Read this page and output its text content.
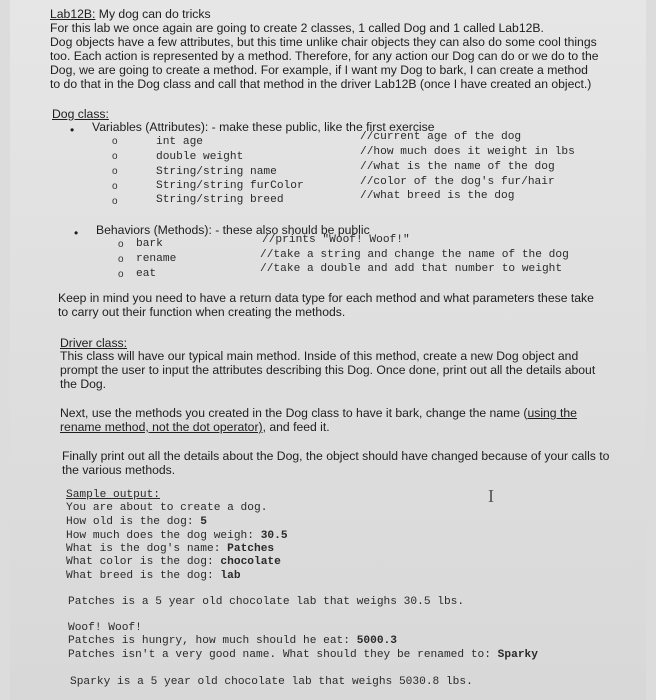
Lab12B: My dog can do tricks
For this lab we once again are going to create 2 classes, 1 called Dog and 1 called Lab12B.
Dog objects have a few attributes, but this time unlike chair objects they can also do some cool things
too. Each action is represented by a method. Therefore, for any action our Dog can do or we do to the
Dog, we are going to create a method. For example, if I want my Dog to bark, I can create a method
to do that in the Dog class and call that method in the driver Lab12B (once I have created an object.)
Dog class:
• Variables (Attributes): - make these public, like the first exercise
o	int age	//current age of the dog
o	double weight	//how much does it weight in lbs
o	String/string name	//what is the name of the dog
o	String/string furColor	//color of the dog's fur/hair
o	String/string breed	//what breed is the dog
• Behaviors (Methods): - these also should be public
o bark	//prints "Woof! Woof!"
o rename	//take a string and change the name of the dog
o eat	//take a double and add that number to weight
Keep in mind you need to have a return data type for each method and what parameters these take
to carry out their function when creating the methods.
Driver class:
This class will have our typical main method. Inside of this method, create a new Dog object and
prompt the user to input the attributes describing this Dog. Once done, print out all the details about
the Dog.
Next, use the methods you created in the Dog class to have it bark, change the name (using the
rename method, not the dot operator), and feed it.
Finally print out all the details about the Dog, the object should have changed because of your calls to
the various methods.
Sample output:	I
You are about to create a dog.
How old is the dog: 5
How much does the dog weigh: 30.5
What is the dog's name: Patches
What color is the dog: chocolate
What breed is the dog: lab
Patches is a 5 year old chocolate lab that weighs 30.5 lbs.
Woof! Woof!
Patches is hungry, how much should he eat: 5000.3
Patches isn't a very good name. What should they be renamed to: Sparky
Sparky is a 5 year old chocolate lab that weighs 5030.8 lbs.
